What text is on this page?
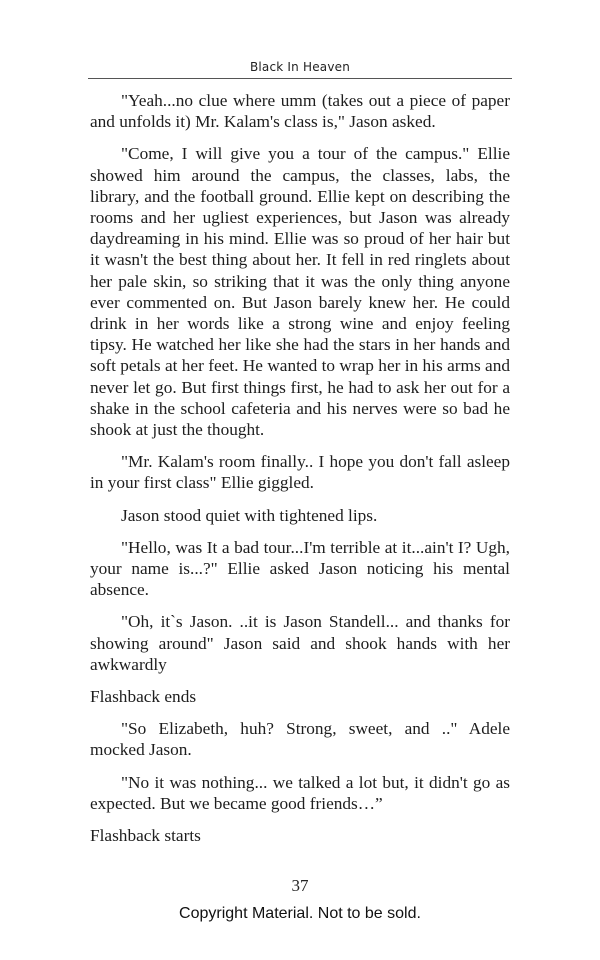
Black In Heaven

"Yeah...no clue where umm (takes out a piece of paper and unfolds it) Mr. Kalam's class is," Jason asked.

"Come, I will give you a tour of the campus." Ellie showed him around the campus, the classes, labs, the library, and the football ground. Ellie kept on describing the rooms and her ugliest experiences, but Jason was already daydreaming in his mind. Ellie was so proud of her hair but it wasn't the best thing about her. It fell in red ringlets about her pale skin, so striking that it was the only thing anyone ever commented on. But Jason barely knew her. He could drink in her words like a strong wine and enjoy feeling tipsy. He watched her like she had the stars in her hands and soft petals at her feet. He wanted to wrap her in his arms and never let go. But first things first, he had to ask her out for a shake in the school cafeteria and his nerves were so bad he shook at just the thought.

"Mr. Kalam's room finally.. I hope you don't fall asleep in your first class" Ellie giggled.

Jason stood quiet with tightened lips.

"Hello, was It a bad tour...I'm terrible at it...ain't I? Ugh, your name is...?" Ellie asked Jason noticing his mental absence.

"Oh, it`s Jason. ..it is Jason Standell... and thanks for showing around" Jason said and shook hands with her awkwardly

Flashback ends

"So Elizabeth, huh? Strong, sweet, and .." Adele mocked Jason.

"No it was nothing... we talked a lot but, it didn't go as expected. But we became good friends…”

Flashback starts

37
Copyright Material. Not to be sold.
